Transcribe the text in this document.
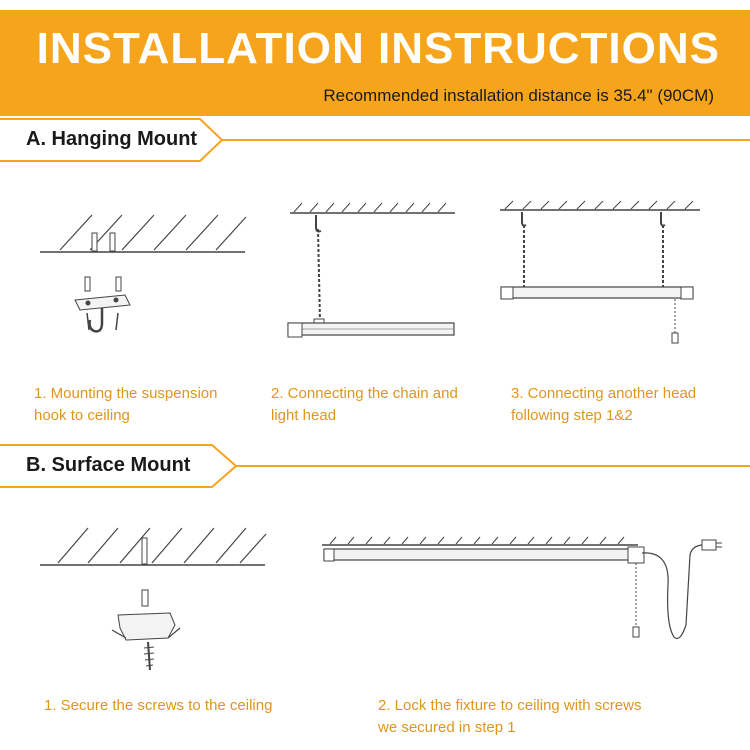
INSTALLATION INSTRUCTIONS
Recommended installation distance is 35.4" (90CM)
A. Hanging Mount
1. Mounting the suspension
hook to ceiling
2. Connecting the chain and
light head
3. Connecting another head
following step 1&2
B. Surface Mount
1. Secure the screws to the ceiling	2. Lock the fixture to ceiling with screws
we secured in step 1
